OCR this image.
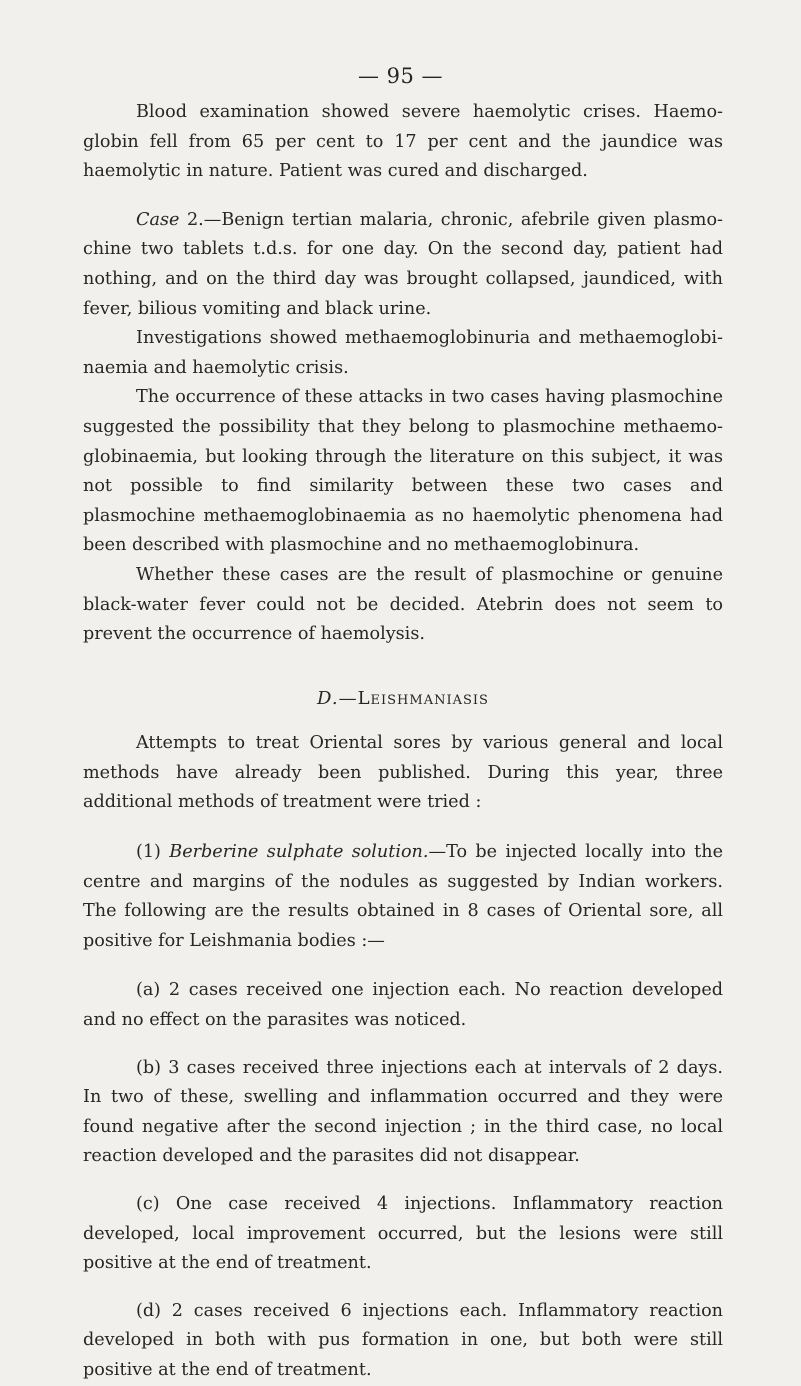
— 95 —

Blood examination showed severe haemolytic crises. Haemoglobin fell from 65 per cent to 17 per cent and the jaundice was haemolytic in nature. Patient was cured and discharged.

Case 2.—Benign tertian malaria, chronic, afebrile given plasmochine two tablets t.d.s. for one day. On the second day, patient had nothing, and on the third day was brought collapsed, jaundiced, with fever, bilious vomiting and black urine.

Investigations showed methaemoglobinuria and methaemoglobinaemia and haemolytic crisis.

The occurrence of these attacks in two cases having plasmochine suggested the possibility that they belong to plasmochine methaemoglobinaemia, but looking through the literature on this subject, it was not possible to find similarity between these two cases and plasmochine methaemoglobinaemia as no haemolytic phenomena had been described with plasmochine and no methaemoglobinura.

Whether these cases are the result of plasmochine or genuine black-water fever could not be decided. Atebrin does not seem to prevent the occurrence of haemolysis.

D.—Leishmaniasis

Attempts to treat Oriental sores by various general and local methods have already been published. During this year, three additional methods of treatment were tried :

(1) Berberine sulphate solution.—To be injected locally into the centre and margins of the nodules as suggested by Indian workers. The following are the results obtained in 8 cases of Oriental sore, all positive for Leishmania bodies :—

(a) 2 cases received one injection each. No reaction developed and no effect on the parasites was noticed.

(b) 3 cases received three injections each at intervals of 2 days. In two of these, swelling and inflammation occurred and they were found negative after the second injection ; in the third case, no local reaction developed and the parasites did not disappear.

(c) One case received 4 injections. Inflammatory reaction developed, local improvement occurred, but the lesions were still positive at the end of treatment.

(d) 2 cases received 6 injections each. Inflammatory reaction developed in both with pus formation in one, but both were still positive at the end of treatment.
